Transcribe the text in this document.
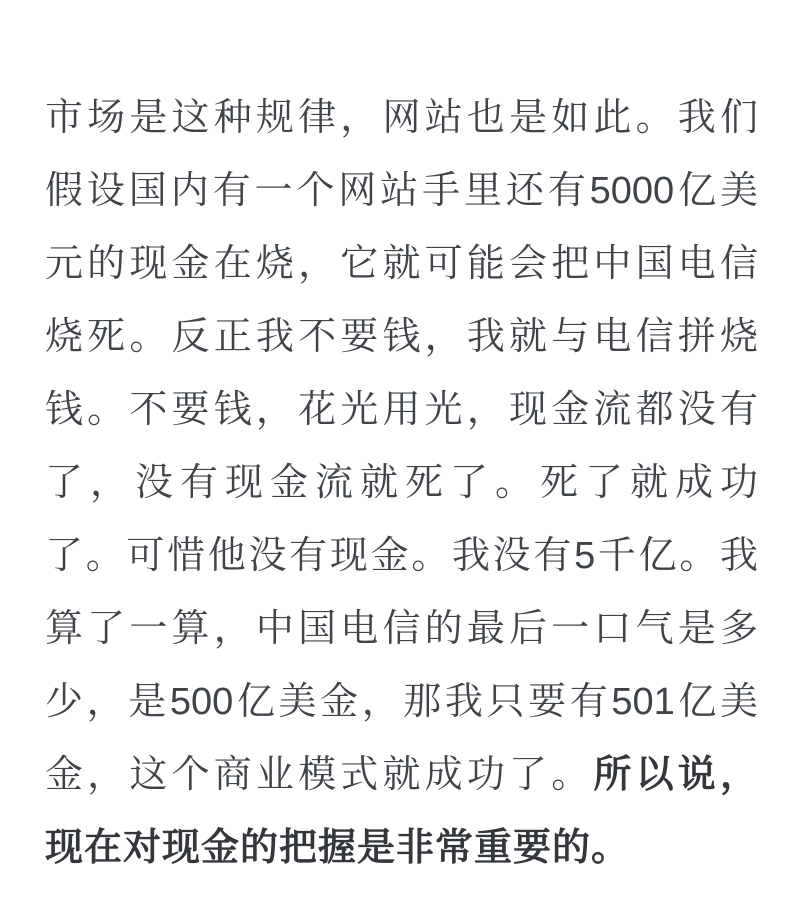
市场是这种规律，网站也是如此。我们
假设国内有一个网站手里还有5000亿美
元的现金在烧，它就可能会把中国电信
烧死。反正我不要钱，我就与电信拼烧
钱。不要钱，花光用光，现金流都没有
了，没有现金流就死了。死了就成功
了。可惜他没有现金。我没有5千亿。我
算了一算，中国电信的最后一口气是多
少，是500亿美金，那我只要有501亿美
金，这个商业模式就成功了。所以说，
现在对现金的把握是非常重要的。
